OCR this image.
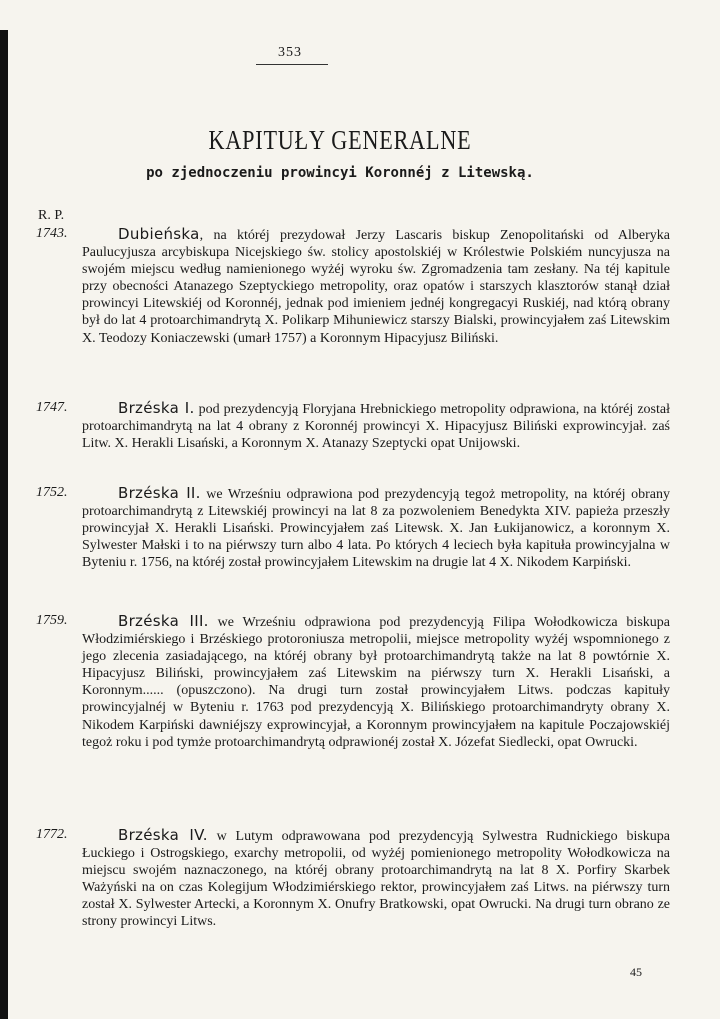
353
KAPITUŁY GENERALNE
po zjednoczeniu prowincyi Koronnéj z Litewską.
R. P.
1743.	Dubieńska, na któréj prezydował Jerzy Lascaris biskup Zenopolitański od Alberyka Paulucyjusza arcybiskupa Nicejskiego św. stolicy apostolskiéj w Królestwie Polskiém nuncyjusza na swojém miejscu według namienionego wyżéj wyroku św. Zgromadzenia tam zesłany. Na téj kapitule przy obecności Atanazego Szeptyckiego metropolity, oraz opatów i starszych klasztorów stanął dział prowincyi Litewskiéj od Koronnéj, jednak pod imieniem jednéj kongregacyi Ruskiéj, nad którą obrany był do lat 4 protoarchimandrytą X. Polikarp Mihuniewicz starszy Bialski, prowincyjałem zaś Litewskim X. Teodozy Koniaczewski (umarł 1757) a Koronnym Hipacyjusz Biliński.
1747.	Brzéska I. pod prezydencyją Floryjana Hrebnickiego metropolity odprawiona, na któréj został protoarchimandrytą na lat 4 obrany z Koronnéj prowincyi X. Hipacyjusz Biliński exprowincyjał. zaś Litw. X. Herakli Lisański, a Koronnym X. Atanazy Szeptycki opat Unijowski.
1752.	Brzéska II. we Wrześniu odprawiona pod prezydencyją tegoż metropolity, na któréj obrany protoarchimandrytą z Litewskiéj prowincyi na lat 8 za pozwoleniem Benedykta XIV. papieża przeszły prowincyjał X. Herakli Lisański. Prowincyjałem zaś Litewsk. X. Jan Łukijanowicz, a koronnym X. Sylwester Małski i to na piérwszy turn albo 4 lata. Po których 4 leciech była kapituła prowincyjalna w Byteniu r. 1756, na któréj został prowincyjałem Litewskim na drugie lat 4 X. Nikodem Karpiński.
1759.	Brzéska III. we Wrześniu odprawiona pod prezydencyją Filipa Wołodkowicza biskupa Włodzimiérskiego i Brzéskiego protoroniusza metropolii, miejsce metropolity wyżéj wspomnionego z jego zlecenia zasiadającego, na któréj obrany był protoarchimandrytą także na lat 8 powtórnie X. Hipacyjusz Biliński, prowincyjałem zaś Litewskim na piérwszy turn X. Herakli Lisański, a Koronnym...... (opuszczono). Na drugi turn został prowincyjałem Litws. podczas kapituły prowincyjalnéj w Byteniu r. 1763 pod prezydencyją X. Bilińskiego protoarchimandryty obrany X. Nikodem Karpiński dawniéjszy exprowincyjał, a Koronnym prowincyjałem na kapitule Poczajowskiéj tegoż roku i pod tymże protoarchimandrytą odprawionéj został X. Józefat Siedlecki, opat Owrucki.
1772.	Brzéska IV. w Lutym odprawowana pod prezydencyją Sylwestra Rudnickiego biskupa Łuckiego i Ostrogskiego, exarchy metropolii, od wyżéj pomienionego metropolity Wołodkowicza na miejscu swojém naznaczonego, na któréj obrany protoarchimandrytą na lat 8 X. Porfiry Skarbek Ważyński na on czas Kolegijum Włodzimiérskiego rektor, prowincyjałem zaś Litws. na piérwszy turn został X. Sylwester Artecki, a Koronnym X. Onufry Bratkowski, opat Owrucki. Na drugi turn obrano ze strony prowincyi Litws.
45
